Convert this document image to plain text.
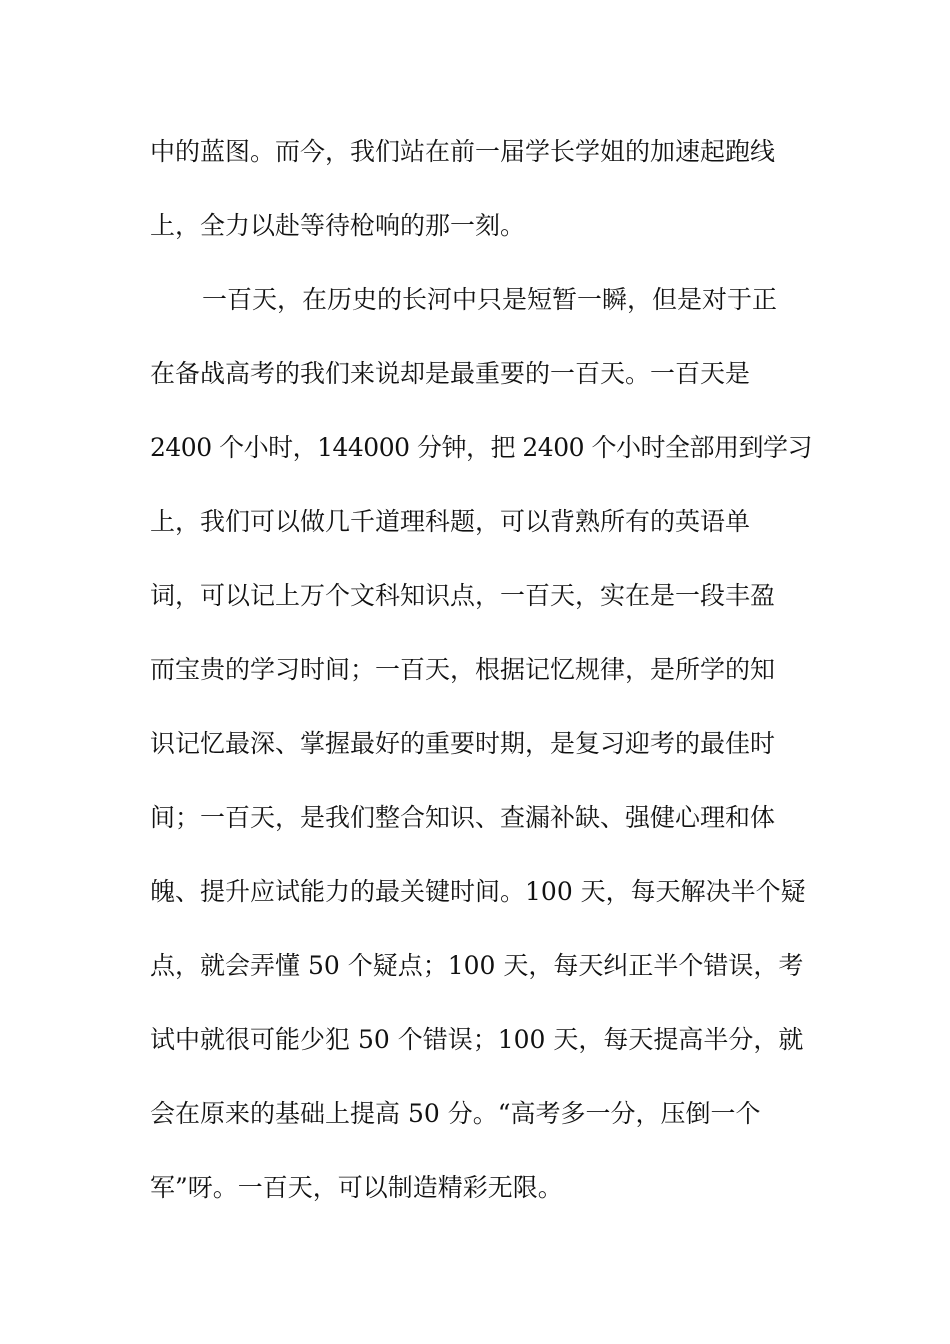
中的蓝图。而今，我们站在前一届学长学姐的加速起跑线
上，全力以赴等待枪响的那一刻。
一百天，在历史的长河中只是短暂一瞬，但是对于正
在备战高考的我们来说却是最重要的一百天。一百天是
2400 个小时，144000 分钟，把 2400 个小时全部用到学习
上，我们可以做几千道理科题，可以背熟所有的英语单
词，可以记上万个文科知识点，一百天，实在是一段丰盈
而宝贵的学习时间；一百天，根据记忆规律，是所学的知
识记忆最深、掌握最好的重要时期，是复习迎考的最佳时
间；一百天，是我们整合知识、查漏补缺、强健心理和体
魄、提升应试能力的最关键时间。100 天，每天解决半个疑
点，就会弄懂 50 个疑点；100 天，每天纠正半个错误，考
试中就很可能少犯 50 个错误；100 天，每天提高半分，就
会在原来的基础上提高 50 分。“高考多一分，压倒一个
军”呀。一百天，可以制造精彩无限。
